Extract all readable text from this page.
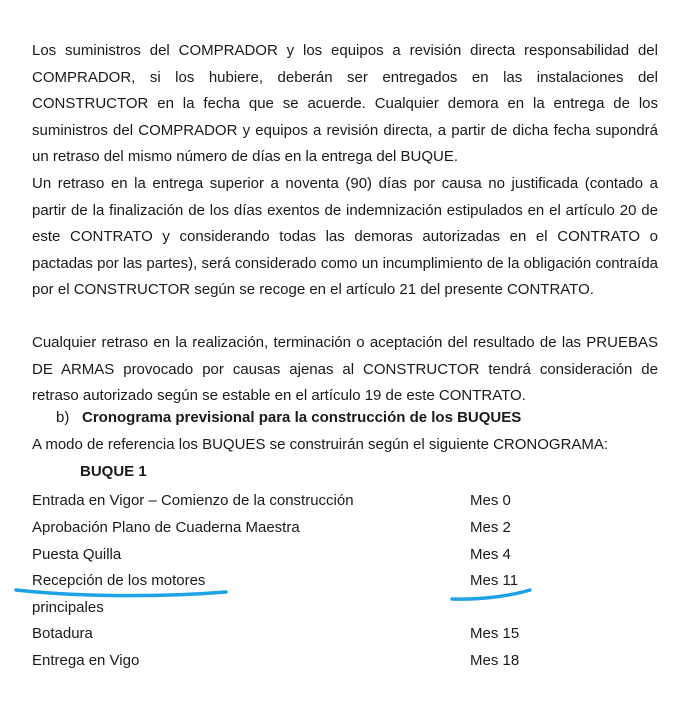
Los suministros del COMPRADOR y los equipos a revisión directa responsabilidad del COMPRADOR, si los hubiere, deberán ser entregados en las instalaciones del CONSTRUCTOR en la fecha que se acuerde. Cualquier demora en la entrega de los suministros del COMPRADOR y equipos a revisión directa, a partir de dicha fecha supondrá un retraso del mismo número de días en la entrega del BUQUE.

Un retraso en la entrega superior a noventa (90) días por causa no justificada (contado a partir de la finalización de los días exentos de indemnización estipulados en el artículo 20 de este CONTRATO y considerando todas las demoras autorizadas en el CONTRATO o pactadas por las partes), será considerado como un incumplimiento de la obligación contraída por el CONSTRUCTOR según se recoge en el artículo 21 del presente CONTRATO.

Cualquier retraso en la realización, terminación o aceptación del resultado de las PRUEBAS DE ARMAS provocado por causas ajenas al CONSTRUCTOR tendrá consideración de retraso autorizado según se estable en el artículo 19 de este CONTRATO.

b) Cronograma previsional para la construcción de los BUQUES

A modo de referencia los BUQUES se construirán según el siguiente CRONOGRAMA:

BUQUE 1

Entrada en Vigor – Comienzo de la construcción	Mes 0
Aprobación Plano de Cuaderna Maestra	Mes 2
Puesta Quilla	Mes 4
Recepción de los motores	Mes 11
principales
Botadura	Mes 15
Entrega en Vigo	Mes 18
